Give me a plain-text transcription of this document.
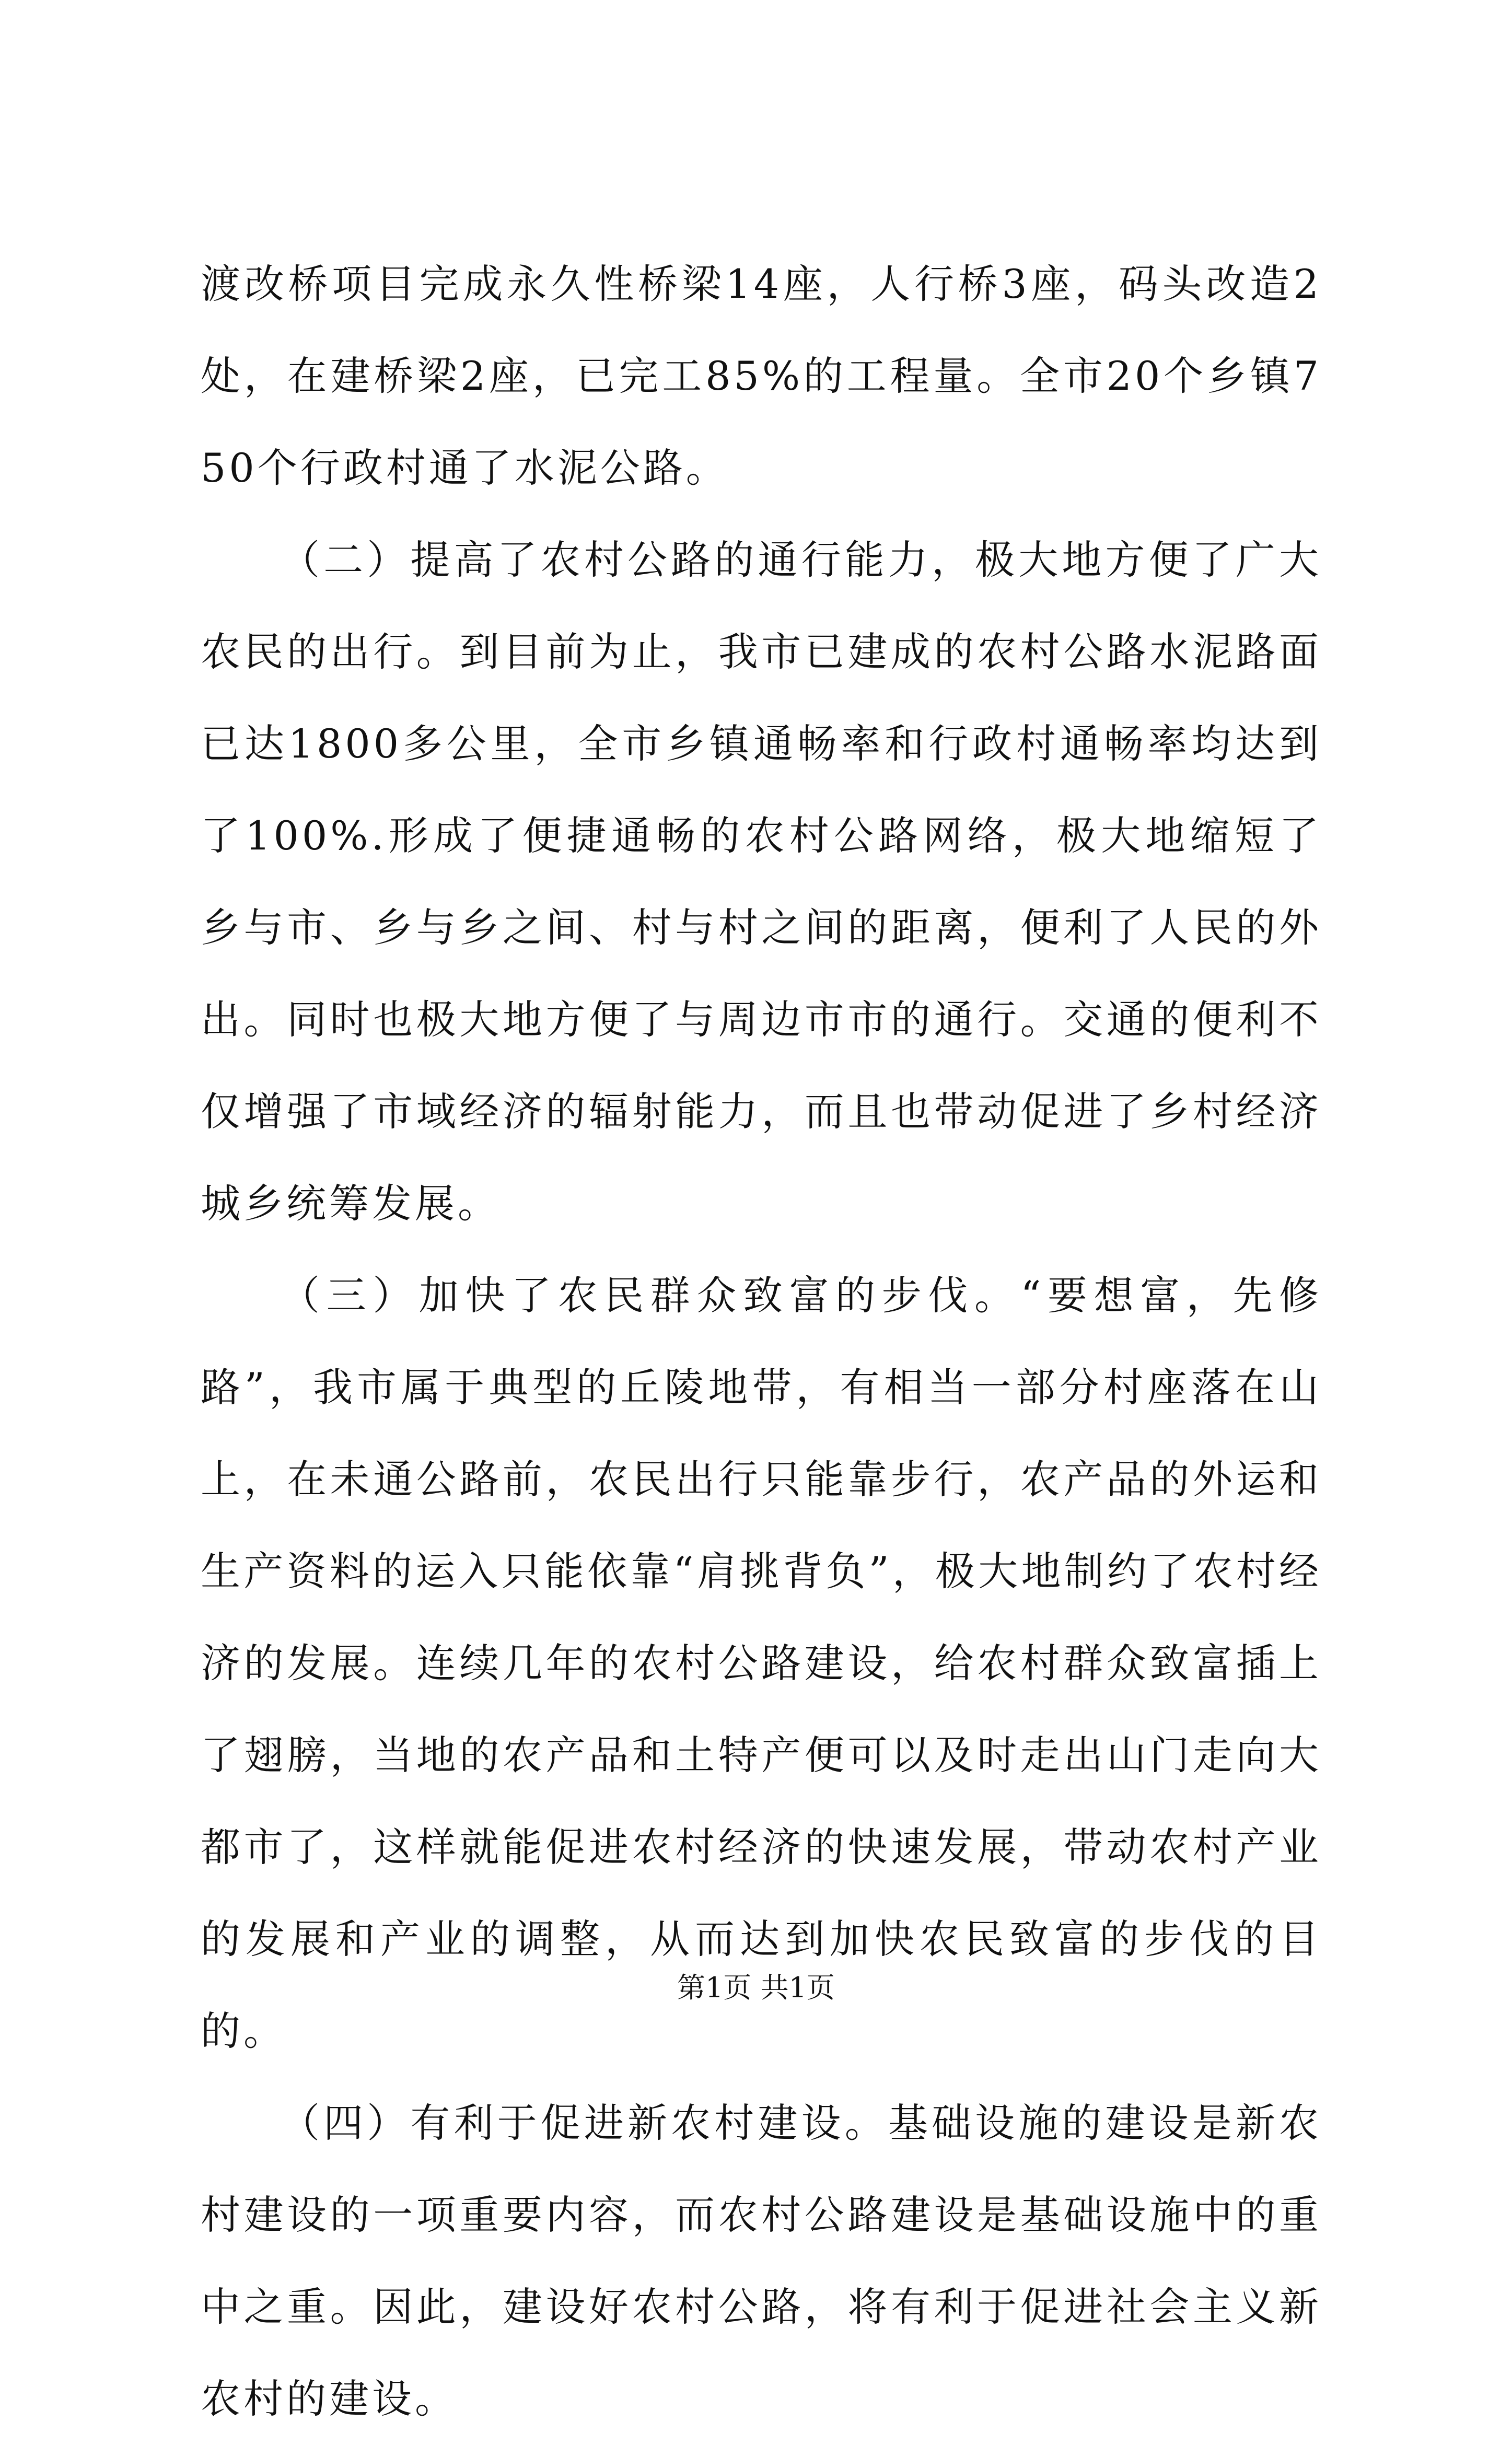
渡改桥项目完成永久性桥梁14座，人行桥3座，码头改造2处，在建桥梁2座，已完工85%的工程量。全市20个乡镇750个行政村通了水泥公路。

（二）提高了农村公路的通行能力，极大地方便了广大农民的出行。到目前为止，我市已建成的农村公路水泥路面已达1800多公里，全市乡镇通畅率和行政村通畅率均达到了100%.形成了便捷通畅的农村公路网络，极大地缩短了乡与市、乡与乡之间、村与村之间的距离，便利了人民的外出。同时也极大地方便了与周边市市的通行。交通的便利不仅增强了市域经济的辐射能力，而且也带动促进了乡村经济城乡统筹发展。

（三）加快了农民群众致富的步伐。“要想富，先修路”，我市属于典型的丘陵地带，有相当一部分村座落在山上，在未通公路前，农民出行只能靠步行，农产品的外运和生产资料的运入只能依靠“肩挑背负”，极大地制约了农村经济的发展。连续几年的农村公路建设，给农村群众致富插上了翅膀，当地的农产品和土特产便可以及时走出山门走向大都市了，这样就能促进农村经济的快速发展，带动农村产业的发展和产业的调整，从而达到加快农民致富的步伐的目的。

（四）有利于促进新农村建设。基础设施的建设是新农村建设的一项重要内容，而农村公路建设是基础设施中的重中之重。因此，建设好农村公路，将有利于促进社会主义新农村的建设。

第1页 共1页
